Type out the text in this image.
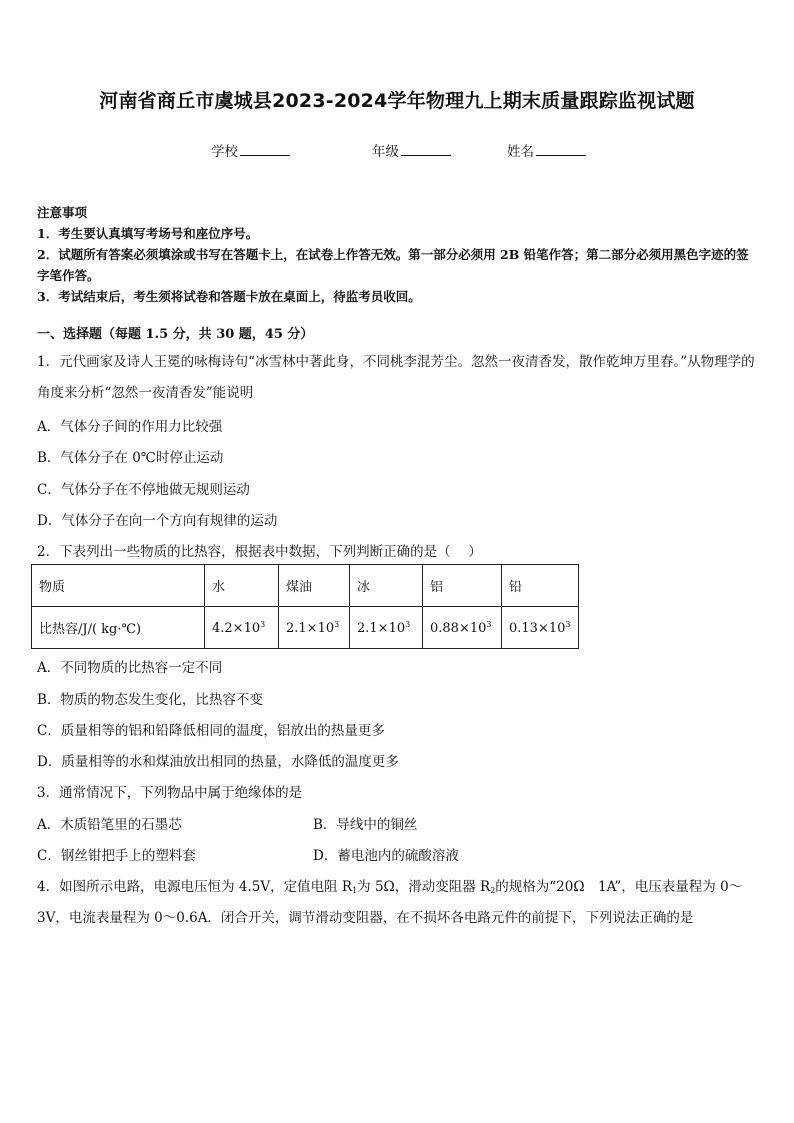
河南省商丘市虞城县2023-2024学年物理九上期末质量跟踪监视试题
学校	年级	姓名

注意事项

1．考生要认真填写考场号和座位序号。

2．试题所有答案必须填涂或书写在答题卡上，在试卷上作答无效。第一部分必须用 2B 铅笔作答；第二部分必须用黑色字迹的签字笔作答。

3．考试结束后，考生须将试卷和答题卡放在桌面上，待监考员收回。

一、选择题（每题 1.5 分，共 30 题，45 分）

1．元代画家及诗人王冕的咏梅诗句“冰雪林中著此身，不同桃李混芳尘。忽然一夜清香发，散作乾坤万里春。”从物理学的角度来分析“忽然一夜清香发”能说明

A．气体分子间的作用力比较强
B．气体分子在 0℃时停止运动
C．气体分子在不停地做无规则运动
D．气体分子在向一个方向有规律的运动
2．下表列出一些物质的比热容，根据表中数据，下列判断正确的是（　 ）
物质	水	煤油	冰	铝	铅
比热容/J/( kg·℃)	$4.2\times 10^3$	$2.1\times 10^3$	$2.1\times 10^3$	$0.88\times 10^3$	$0.13\times 10^3$
A．不同物质的比热容一定不同
B．物质的物态发生变化，比热容不变
C．质量相等的铝和铅降低相同的温度，铝放出的热量更多
D．质量相等的水和煤油放出相同的热量，水降低的温度更多
3．通常情况下，下列物品中属于绝缘体的是
A．木质铅笔里的石墨芯	B．导线中的铜丝
C．钢丝钳把手上的塑料套	D．蓄电池内的硫酸溶液
4．如图所示电路，电源电压恒为 4.5V，定值电阻 $R_1$为 5Ω，滑动变阻器 $R_2$的规格为“20Ω　1A”，电压表量程为 0～
3V，电流表量程为 0～0.6A．闭合开关，调节滑动变阻器，在不损坏各电路元件的前提下，下列说法正确的是
